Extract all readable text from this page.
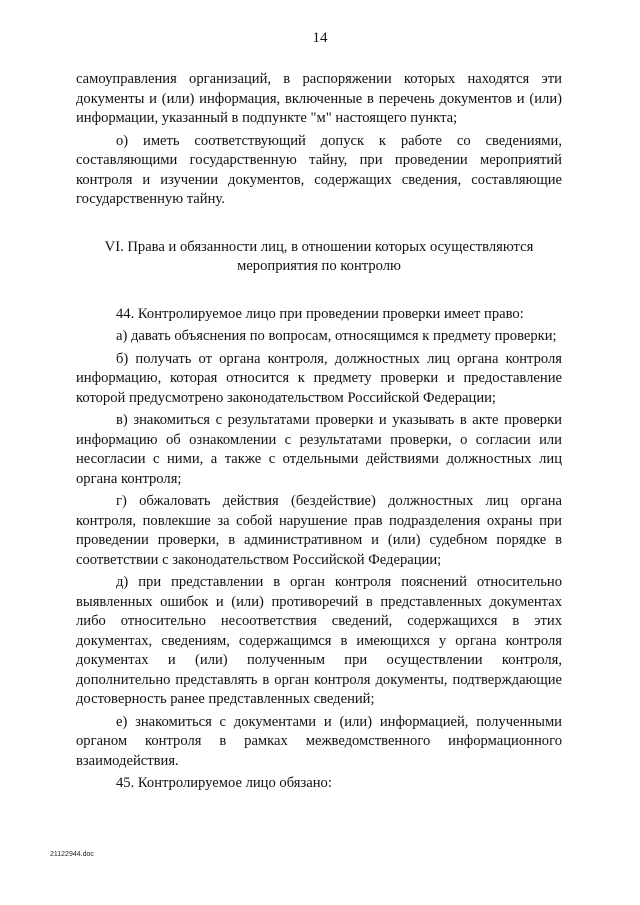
14

самоуправления организаций, в распоряжении которых находятся эти документы и (или) информация, включенные в перечень документов и (или) информации, указанный в подпункте "м" настоящего пункта;

о) иметь соответствующий допуск к работе со сведениями, составляющими государственную тайну, при проведении мероприятий контроля и изучении документов, содержащих сведения, составляющие государственную тайну.

VI. Права и обязанности лиц, в отношении которых осуществляются
мероприятия по контролю

44. Контролируемое лицо при проведении проверки имеет право:

а) давать объяснения по вопросам, относящимся к предмету проверки;

б) получать от органа контроля, должностных лиц органа контроля информацию, которая относится к предмету проверки и предоставление которой предусмотрено законодательством Российской Федерации;

в) знакомиться с результатами проверки и указывать в акте проверки информацию об ознакомлении с результатами проверки, о согласии или несогласии с ними, а также с отдельными действиями должностных лиц органа контроля;

г) обжаловать действия (бездействие) должностных лиц органа контроля, повлекшие за собой нарушение прав подразделения охраны при проведении проверки, в административном и (или) судебном порядке в соответствии с законодательством Российской Федерации;

д) при представлении в орган контроля пояснений относительно выявленных ошибок и (или) противоречий в представленных документах либо относительно несоответствия сведений, содержащихся в этих документах, сведениям, содержащимся в имеющихся у органа контроля документах и (или) полученным при осуществлении контроля, дополнительно представлять в орган контроля документы, подтверждающие достоверность ранее представленных сведений;

е) знакомиться с документами и (или) информацией, полученными органом контроля в рамках межведомственного информационного взаимодействия.

45. Контролируемое лицо обязано:

21122944.doc
